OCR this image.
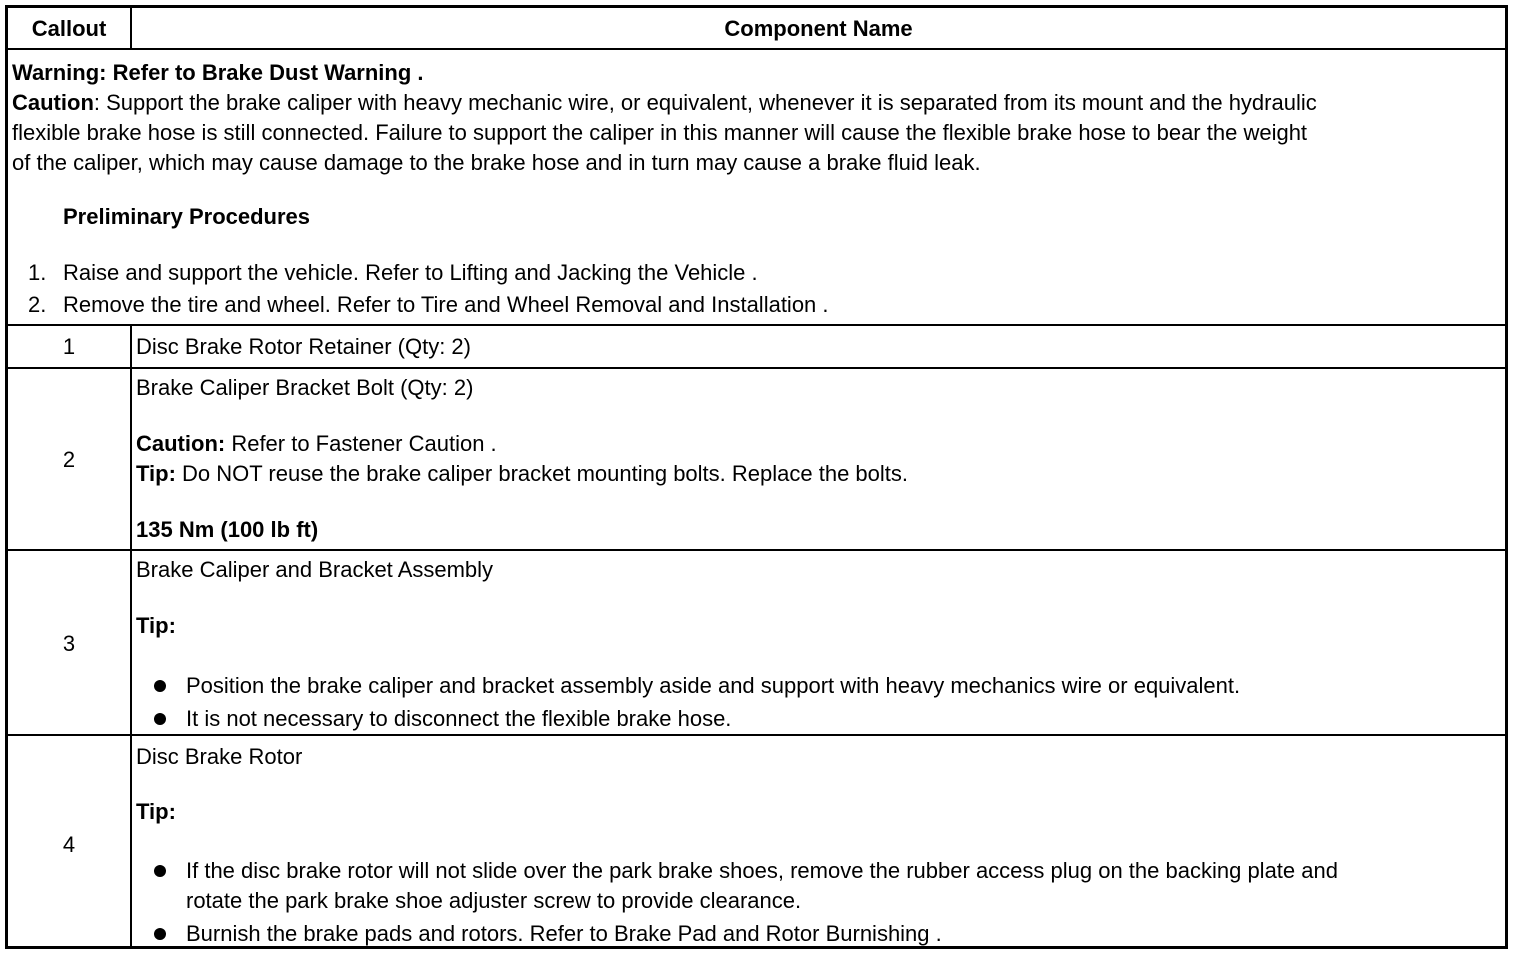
Callout	Component Name
Warning: Refer to Brake Dust Warning .
Caution: Support the brake caliper with heavy mechanic wire, or equivalent, whenever it is separated from its mount and the hydraulic
flexible brake hose is still connected. Failure to support the caliper in this manner will cause the flexible brake hose to bear the weight
of the caliper, which may cause damage to the brake hose and in turn may cause a brake fluid leak.
Preliminary Procedures
1. Raise and support the vehicle. Refer to Lifting and Jacking the Vehicle .
2. Remove the tire and wheel. Refer to Tire and Wheel Removal and Installation .
1	Disc Brake Rotor Retainer (Qty: 2)
2
Brake Caliper Bracket Bolt (Qty: 2)
Caution: Refer to Fastener Caution .
Tip: Do NOT reuse the brake caliper bracket mounting bolts. Replace the bolts.
135 Nm (100 lb ft)
3
Brake Caliper and Bracket Assembly
Tip:
Position the brake caliper and bracket assembly aside and support with heavy mechanics wire or equivalent.
It is not necessary to disconnect the flexible brake hose.
4
Disc Brake Rotor
Tip:
If the disc brake rotor will not slide over the park brake shoes, remove the rubber access plug on the backing plate and
rotate the park brake shoe adjuster screw to provide clearance.
Burnish the brake pads and rotors. Refer to Brake Pad and Rotor Burnishing .
